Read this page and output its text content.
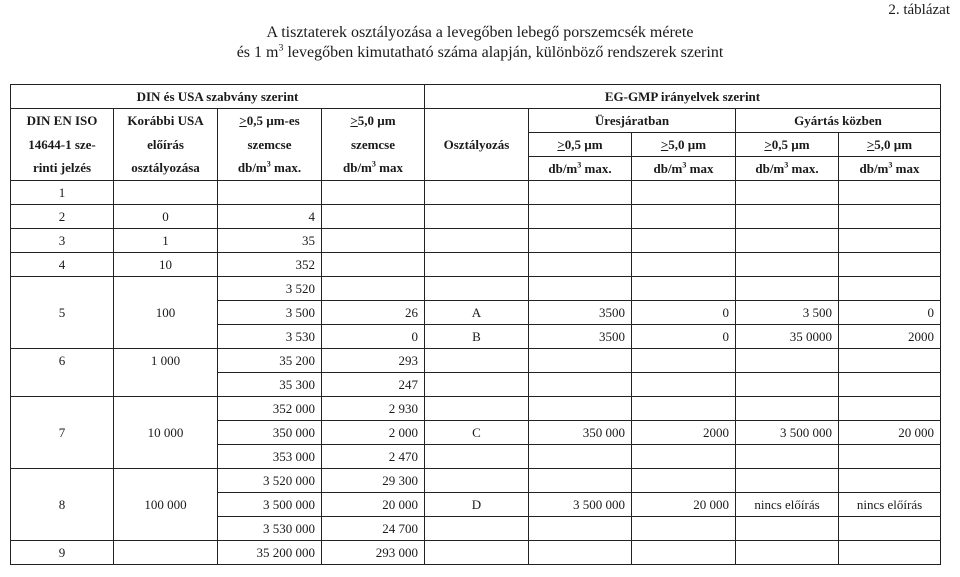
2. táblázat
A tisztaterek osztályozása a levegőben lebegő porszemcsék mérete
és 1 $m^3$ levegőben kimutatható száma alapján, különböző rendszerek szerint
DIN és USA szabvány szerint				EG-GMP irányelvek szerint				
DIN EN ISO	Korábbi USA	>0,5 µm-es	>5,0 µm		Üresjáratban		Gyártás közben	
14644-1 sze-	előírás	szemcse	szemcse	Osztályozás	>0,5 µm	>5,0 µm	>0,5 µm	>5,0 µm
rinti jelzés	osztályozása	$db/m^3$ max.	$db/m^3$ max		$db/m^3$ max.	$db/m^3$ max	$db/m^3$ max.	$db/m^3$ max
1								
2	0	4						
3	1	35						
4	10	352						
		3 520						
5	100	3 500	26	A	3500	0	3 500	0
		3 530	0	B	3500	0	35 0000	2000
6	1 000	35 200	293					
		35 300	247					
		352 000	2 930					
7	10 000	350 000	2 000	C	350 000	2000	3 500 000	20 000
		353 000	2 470					
		3 520 000	29 300					
8	100 000	3 500 000	20 000	D	3 500 000	20 000	nincs előírás	nincs előírás
		3 530 000	24 700					
9		35 200 000	293 000					
